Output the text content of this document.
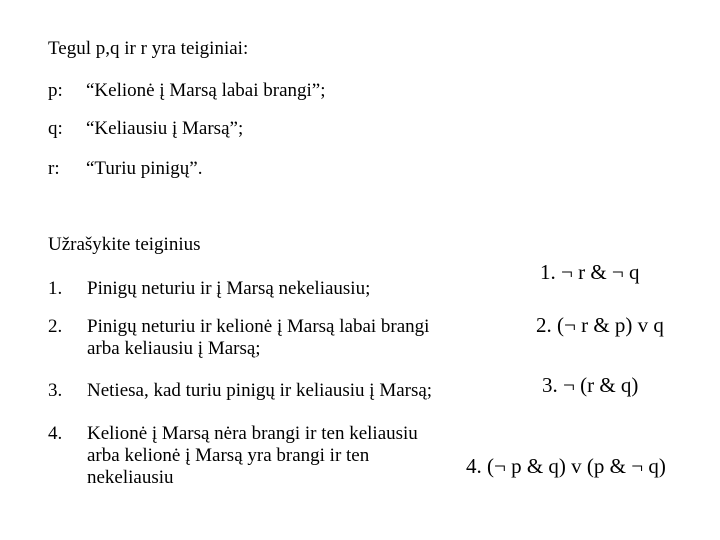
Tegul p,q ir r yra teiginiai:
p: “Kelionė į Marsą labai brangi”;
q: “Keliausiu į Marsą”;
r: “Turiu pinigų”.
Užrašykite teiginius
1. Pinigų neturiu ir į Marsą nekeliausiu;
2. Pinigų neturiu ir kelionė į Marsą labai brangi
arba keliausiu į Marsą;
3. Netiesa, kad turiu pinigų ir keliausiu į Marsą;
4. Kelionė į Marsą nėra brangi ir ten keliausiu
arba kelionė į Marsą yra brangi ir ten
nekeliausiu
1. ¬ r & ¬ q
2. (¬ r & p) v q
3. ¬ (r & q)
4. (¬ p & q) v (p & ¬ q)
